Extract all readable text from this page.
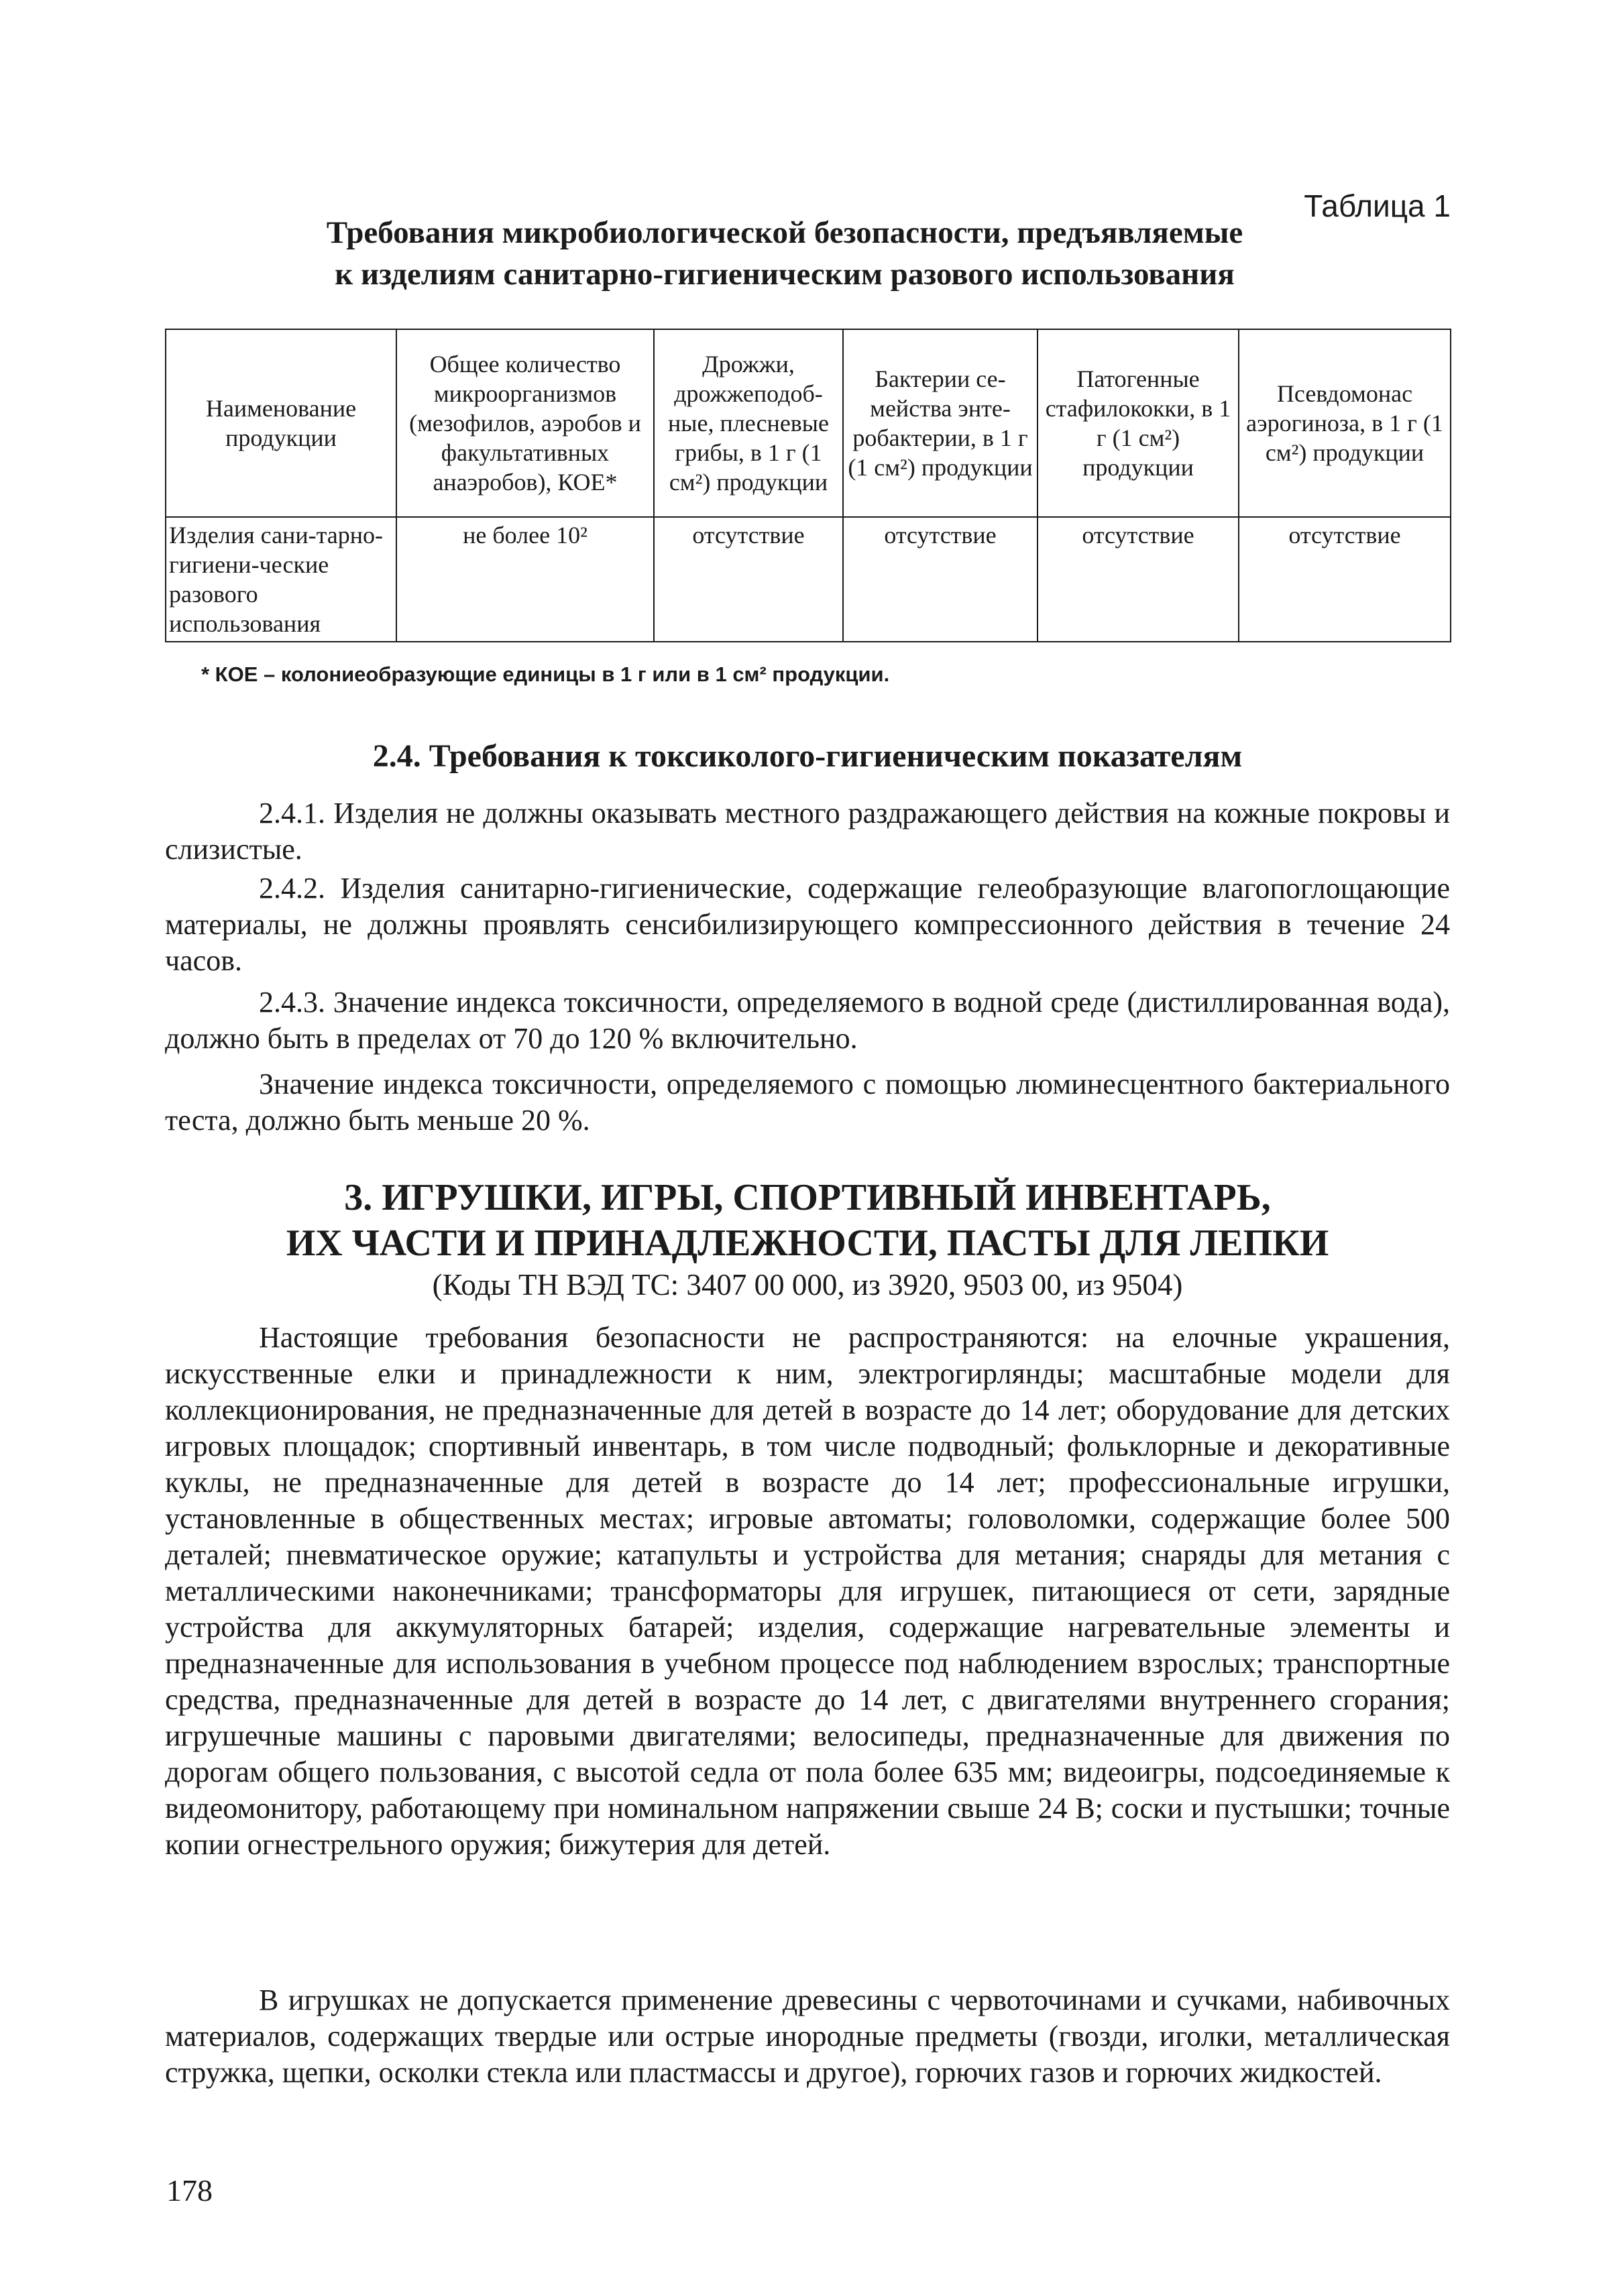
Таблица 1
Требования микробиологической безопасности, предъявляемые
к изделиям санитарно-гигиеническим разового использования
Наименование продукции	Общее количество микроорганизмов (мезофилов, аэробов и факультативных анаэробов), КОЕ*	Дрожжи, дрожжеподоб-ные, плесневые грибы, в 1 г (1 см²) продукции	Бактерии се-мейства энте-робактерии, в 1 г (1 см²) продукции	Патогенные стафилококки, в 1 г (1 см²) продукции	Псевдомонас аэрогиноза, в 1 г (1 см²) продукции
Изделия сани-тарно-гигиени-ческие разового использования	не более 10²	отсутствие	отсутствие	отсутствие	отсутствие
* КОЕ – колониеобразующие единицы в 1 г или в 1 см² продукции.
2.4. Требования к токсиколого-гигиеническим показателям
2.4.1. Изделия не должны оказывать местного раздражающего действия на кожные покровы и слизистые.
2.4.2. Изделия санитарно-гигиенические, содержащие гелеобразующие влагопоглощающие материалы, не должны проявлять сенсибилизирующего компрессионного действия в течение 24 часов.
2.4.3. Значение индекса токсичности, определяемого в водной среде (дистиллированная вода), должно быть в пределах от 70 до 120 % включительно.
Значение индекса токсичности, определяемого с помощью люминесцентного бактериального теста, должно быть меньше 20 %.
3. ИГРУШКИ, ИГРЫ, СПОРТИВНЫЙ ИНВЕНТАРЬ,
ИХ ЧАСТИ И ПРИНАДЛЕЖНОСТИ, ПАСТЫ ДЛЯ ЛЕПКИ
(Коды ТН ВЭД ТС: 3407 00 000, из 3920, 9503 00, из 9504)
Настоящие требования безопасности не распространяются: на елочные украшения, искусственные елки и принадлежности к ним, электрогирлянды; масштабные модели для коллекционирования, не предназначенные для детей в возрасте до 14 лет; оборудование для детских игровых площадок; спортивный инвентарь, в том числе подводный; фольклорные и декоративные куклы, не предназначенные для детей в возрасте до 14 лет; профессиональные игрушки, установленные в общественных местах; игровые автоматы; головоломки, содержащие более 500 деталей; пневматическое оружие; катапульты и устройства для метания; снаряды для метания с металлическими наконечниками; трансформаторы для игрушек, питающиеся от сети, зарядные устройства для аккумуляторных батарей; изделия, содержащие нагревательные элементы и предназначенные для использования в учебном процессе под наблюдением взрослых; транспортные средства, предназначенные для детей в возрасте до 14 лет, с двигателями внутреннего сгорания; игрушечные машины с паровыми двигателями; велосипеды, предназначенные для движения по дорогам общего пользования, с высотой седла от пола более 635 мм; видеоигры, подсоединяемые к видеомонитору, работающему при номинальном напряжении свыше 24 В; соски и пустышки; точные копии огнестрельного оружия; бижутерия для детей.
В игрушках не допускается применение древесины с червоточинами и сучками, набивочных материалов, содержащих твердые или острые инородные предметы (гвозди, иголки, металлическая стружка, щепки, осколки стекла или пластмассы и другое), горючих газов и горючих жидкостей.
178
